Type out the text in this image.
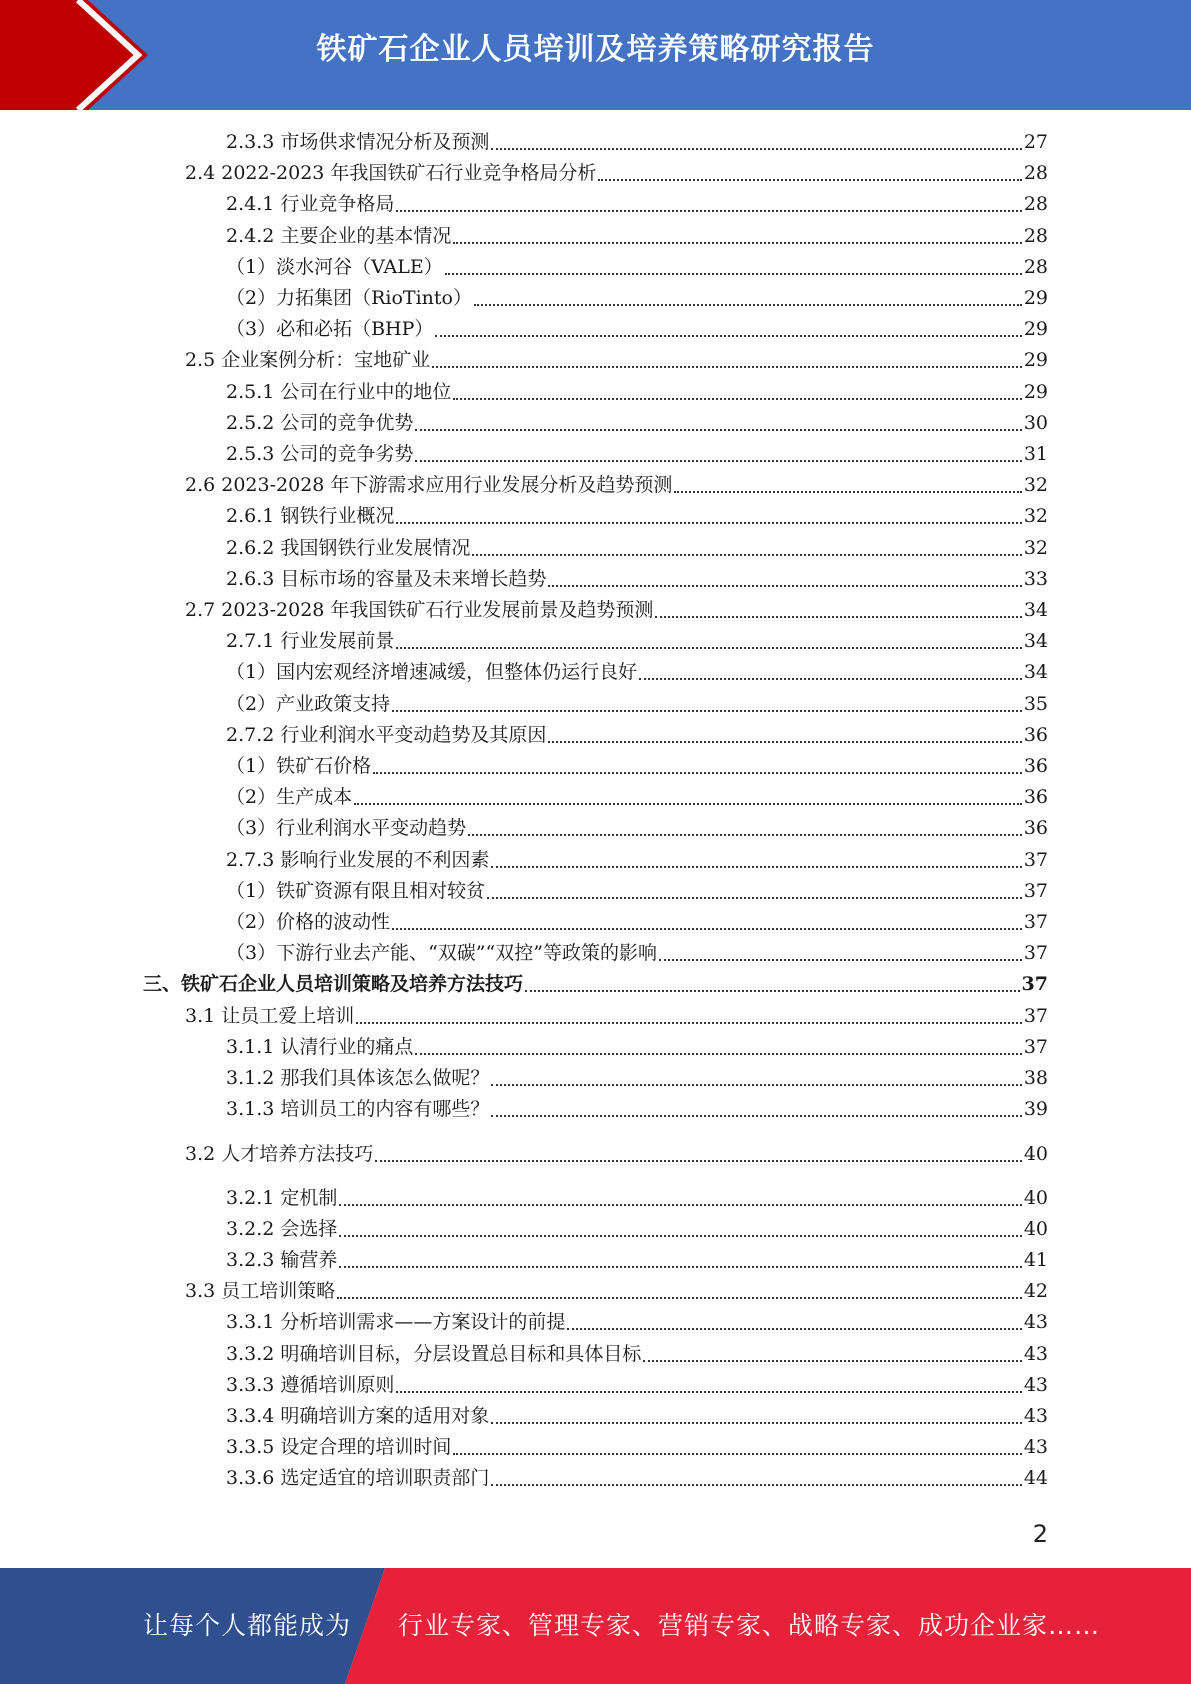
铁矿石企业人员培训及培养策略研究报告
2.3.3 市场供求情况分析及预测	27
2.4 2022-2023 年我国铁矿石行业竞争格局分析	28
2.4.1 行业竞争格局	28
2.4.2 主要企业的基本情况	28
（1）淡水河谷（VALE）	28
（2）力拓集团（RioTinto）	29
（3）必和必拓（BHP）	29
2.5 企业案例分析：宝地矿业	29
2.5.1 公司在行业中的地位	29
2.5.2 公司的竞争优势	30
2.5.3 公司的竞争劣势	31
2.6 2023-2028 年下游需求应用行业发展分析及趋势预测	32
2.6.1 钢铁行业概况	32
2.6.2 我国钢铁行业发展情况	32
2.6.3 目标市场的容量及未来增长趋势	33
2.7 2023-2028 年我国铁矿石行业发展前景及趋势预测	34
2.7.1 行业发展前景	34
（1）国内宏观经济增速减缓，但整体仍运行良好	34
（2）产业政策支持	35
2.7.2 行业利润水平变动趋势及其原因	36
（1）铁矿石价格	36
（2）生产成本	36
（3）行业利润水平变动趋势	36
2.7.3 影响行业发展的不利因素	37
（1）铁矿资源有限且相对较贫	37
（2）价格的波动性	37
（3）下游行业去产能、“双碳”“双控”等政策的影响	37
三、铁矿石企业人员培训策略及培养方法技巧	37
3.1 让员工爱上培训	37
3.1.1 认清行业的痛点	37
3.1.2 那我们具体该怎么做呢？	38
3.1.3 培训员工的内容有哪些？	39
3.2 人才培养方法技巧	40
3.2.1 定机制	40
3.2.2 会选择	40
3.2.3 输营养	41
3.3 员工培训策略	42
3.3.1 分析培训需求——方案设计的前提	43
3.3.2 明确培训目标，分层设置总目标和具体目标	43
3.3.3 遵循培训原则	43
3.3.4 明确培训方案的适用对象	43
3.3.5 设定合理的培训时间	43
3.3.6 选定适宜的培训职责部门	44
2
让每个人都能成为 行业专家、管理专家、营销专家、战略专家、成功企业家……
